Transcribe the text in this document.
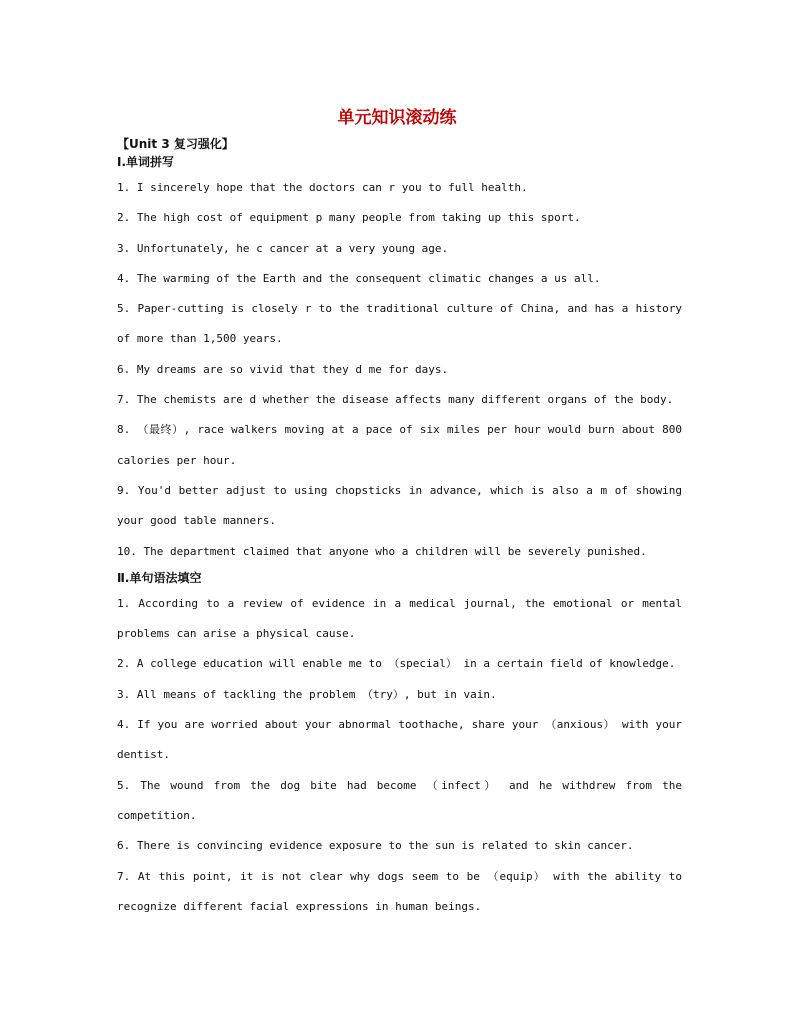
单元知识滚动练
【Unit 3 复习强化】
Ⅰ.单词拼写
1. I sincerely hope that the doctors can r you to full health.
2. The high cost of equipment p many people from taking up this sport.
3. Unfortunately, he c cancer at a very young age.
4. The warming of the Earth and the consequent climatic changes a us all.
5. Paper-cutting is closely r to the traditional culture of China, and has a history of more than 1,500 years.
6. My dreams are so vivid that they d me for days.
7. The chemists are d whether the disease affects many different organs of the body.
8. （最终）, race walkers moving at a pace of six miles per hour would burn about 800 calories per hour.
9. You'd better adjust to using chopsticks in advance, which is also a m of showing your good table manners.
10. The department claimed that anyone who a children will be severely punished.
Ⅱ.单句语法填空
1. According to a review of evidence in a medical journal, the emotional or mental problems can arise a physical cause.
2. A college education will enable me to （special） in a certain field of knowledge.
3. All means of tackling the problem （try）, but in vain.
4. If you are worried about your abnormal toothache, share your （anxious） with your dentist.
5. The wound from the dog bite had become （infect） and he withdrew from the competition.
6. There is convincing evidence exposure to the sun is related to skin cancer.
7. At this point, it is not clear why dogs seem to be （equip） with the ability to recognize different facial expressions in human beings.
